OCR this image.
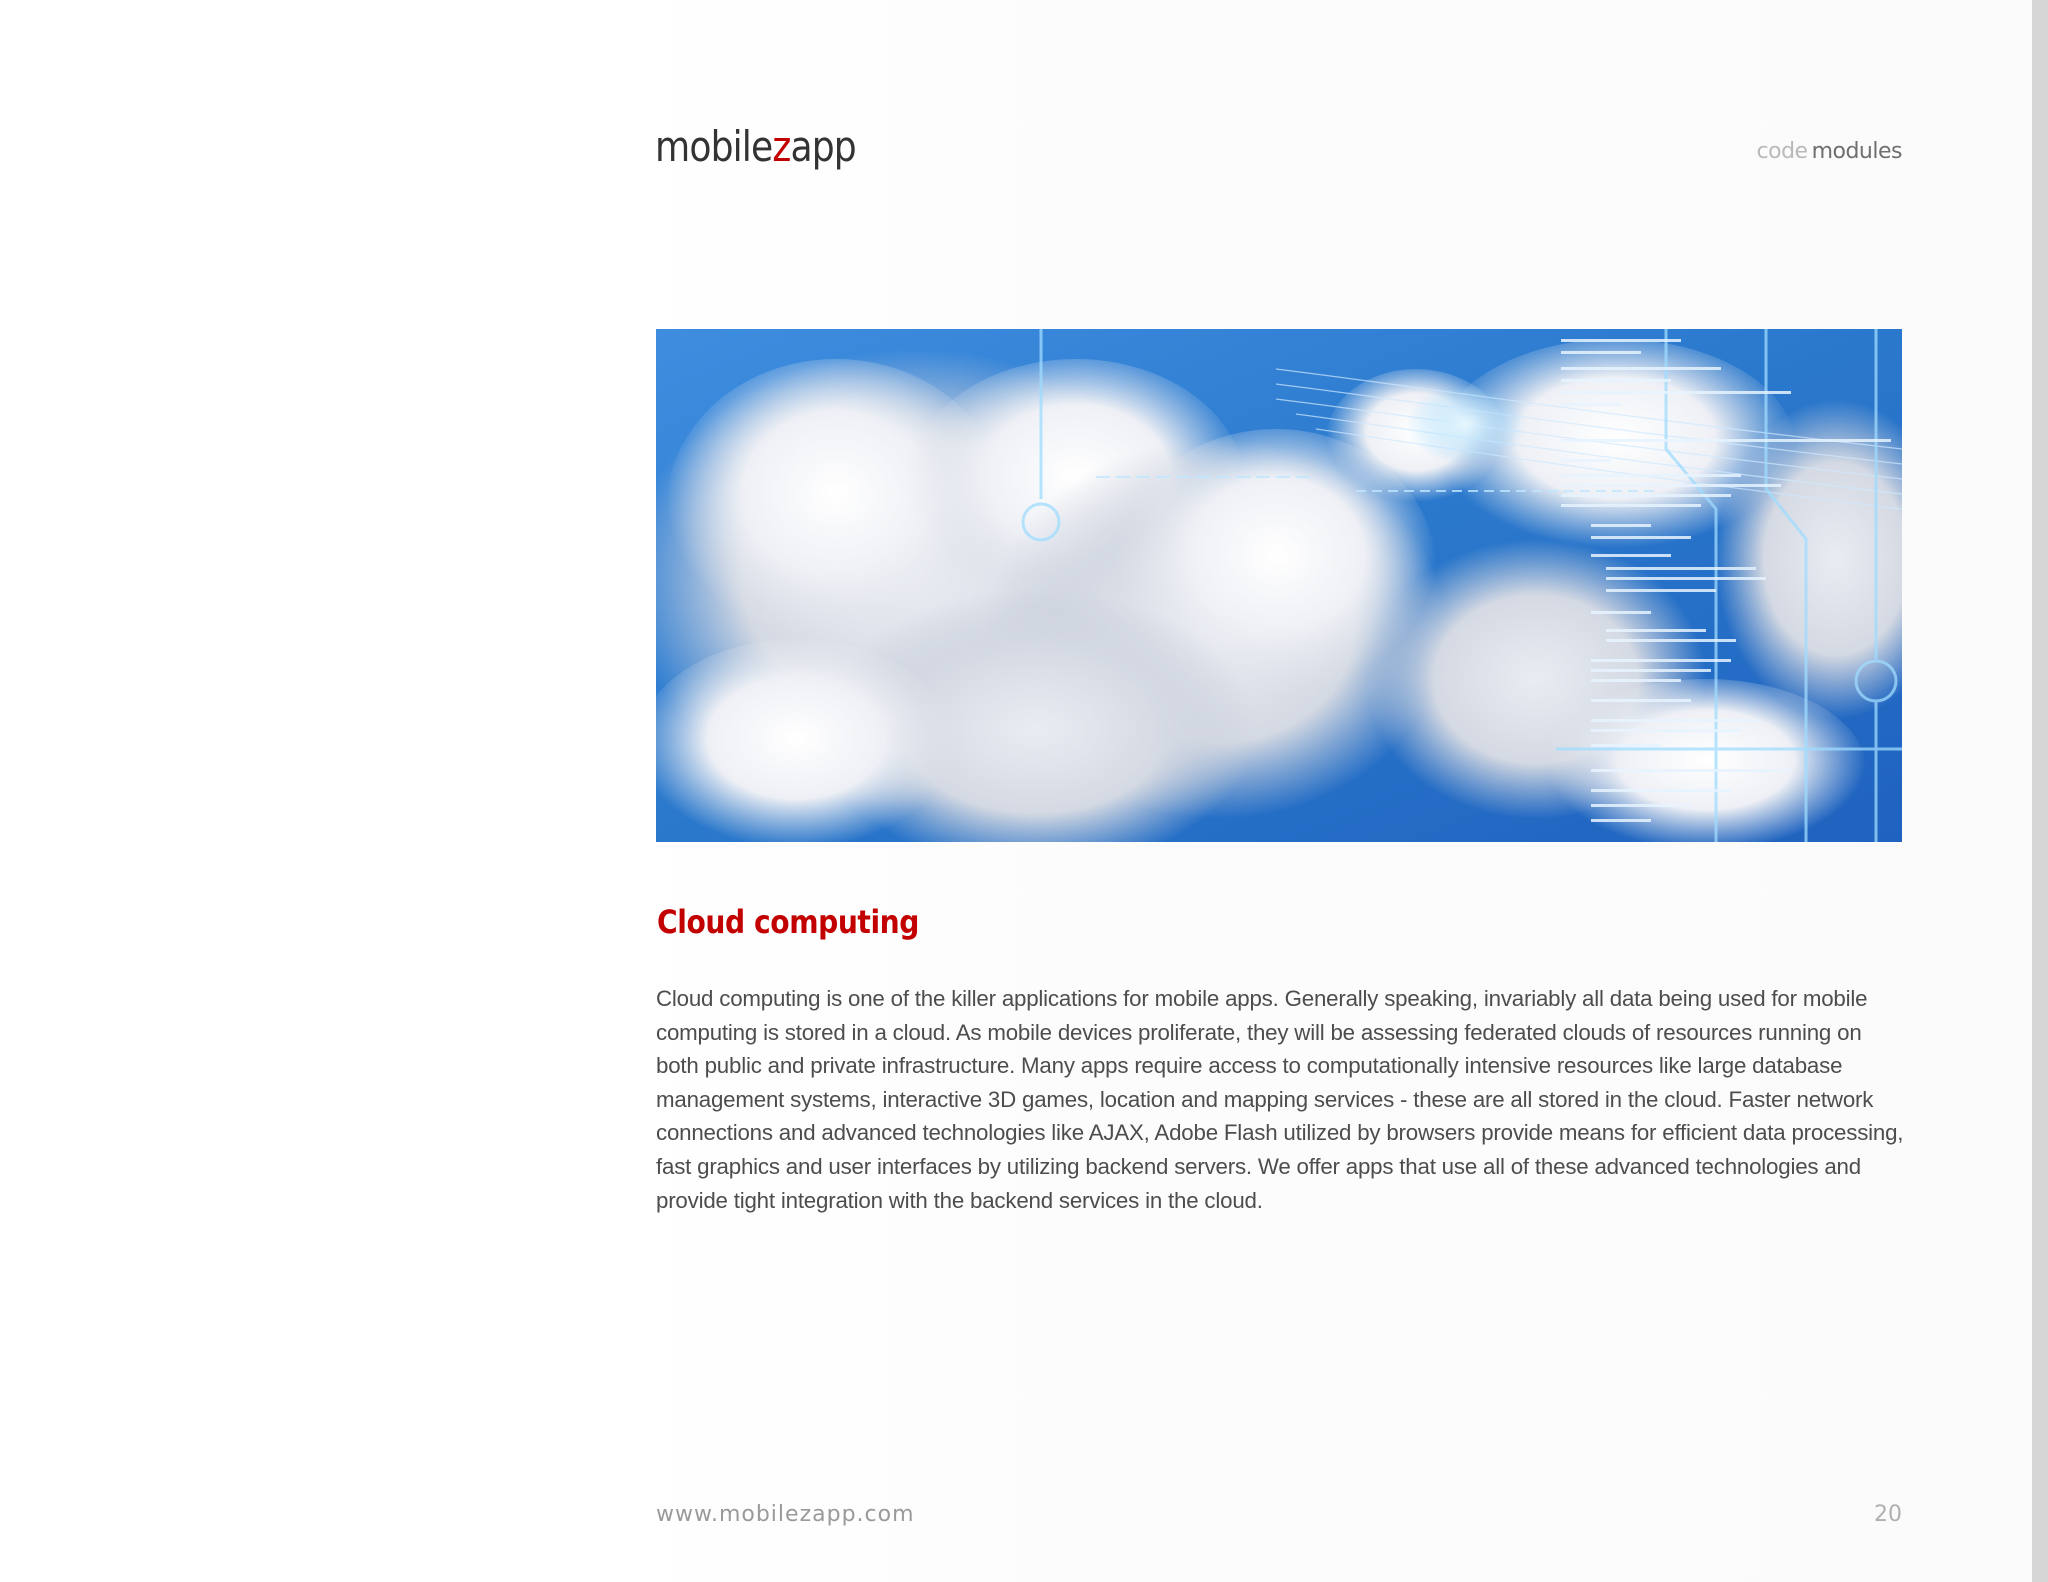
mobilezapp	code modules
Cloud computing
Cloud computing is one of the killer applications for mobile apps. Generally speaking, invariably all data being used for mobile computing is stored in a cloud. As mobile devices proliferate, they will be assessing federated clouds of resources running on both public and private infrastructure. Many apps require access to computationally intensive resources like large database management systems, interactive 3D games, location and mapping services - these are all stored in the cloud. Faster network connections and advanced technologies like AJAX, Adobe Flash utilized by browsers provide means for efficient data processing, fast graphics and user interfaces by utilizing backend servers. We offer apps that use all of these advanced technologies and provide tight integration with the backend services in the cloud.
www.mobilezapp.com	20
